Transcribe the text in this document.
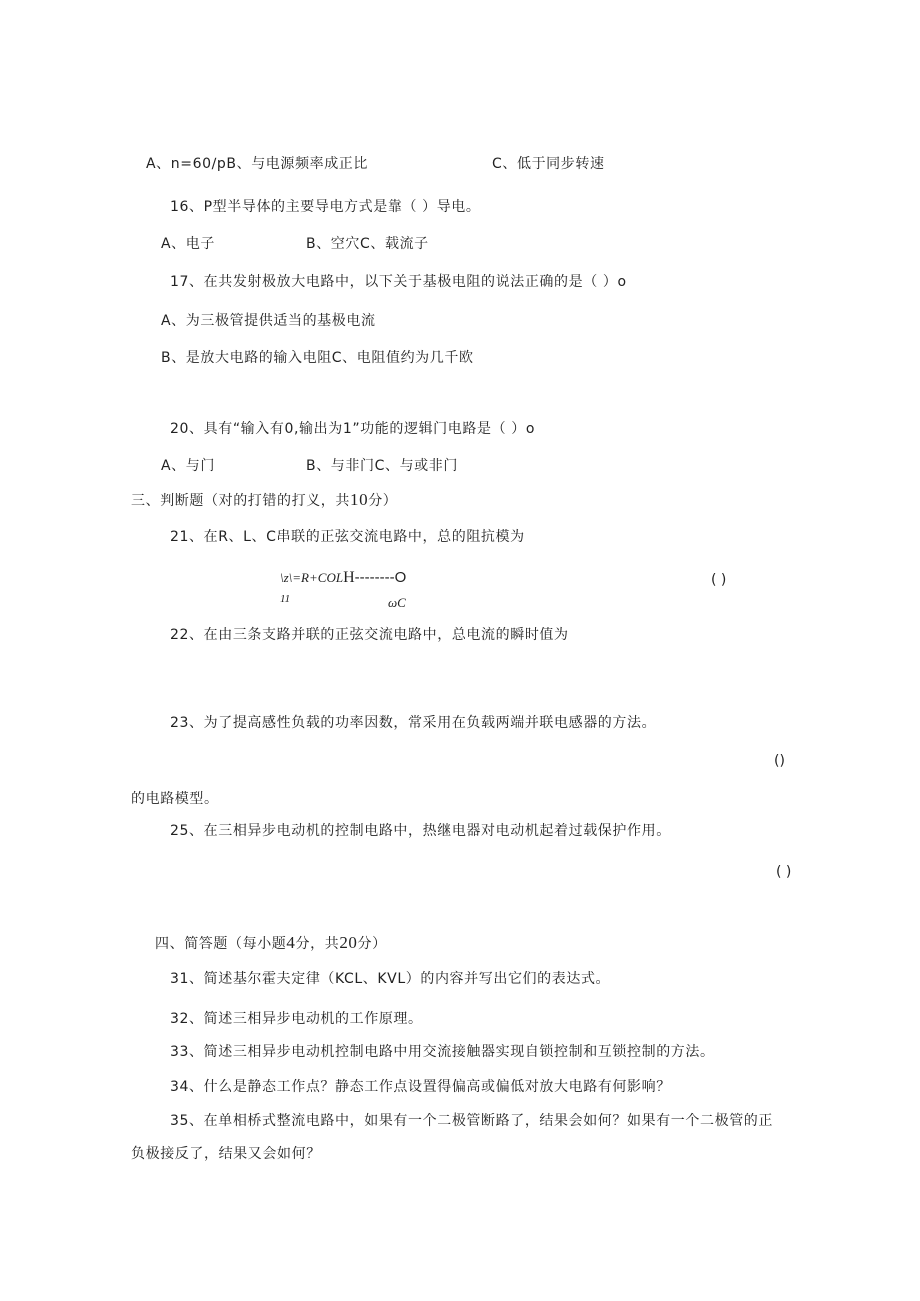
A、n=60∕pB、与电源频率成正比	C、低于同步转速
16、P型半导体的主要导电方式是靠（ ）导电。
A、电子	B、空穴C、载流子
17、在共发射极放大电路中，以下关于基极电阻的说法正确的是（ ）o
A、为三极管提供适当的基极电流
B、是放大电路的输入电阻C、电阻值约为几千欧
20、具有“输入有0,输出为1”功能的逻辑门电路是（ ）o
A、与门	B、与非门C、与或非门
三、判断题（对的打错的打义，共10分）
21、在R、L、C串联的正弦交流电路中，总的阻抗模为
\z\=R+COLH--------O
11	ωC
( )
22、在由三条支路并联的正弦交流电路中，总电流的瞬时值为
23、为了提高感性负载的功率因数，常采用在负载两端并联电感器的方法。
()
的电路模型。
25、在三相异步电动机的控制电路中，热继电器对电动机起着过载保护作用。
( )
四、简答题（每小题4分，共20分）
31、简述基尔霍夫定律（KCL、KVL）的内容并写出它们的表达式。
32、简述三相异步电动机的工作原理。
33、简述三相异步电动机控制电路中用交流接触器实现自锁控制和互锁控制的方法。
34、什么是静态工作点？静态工作点设置得偏高或偏低对放大电路有何影响？
35、在单相桥式整流电路中，如果有一个二极管断路了，结果会如何？如果有一个二极管的正
负极接反了，结果又会如何？
